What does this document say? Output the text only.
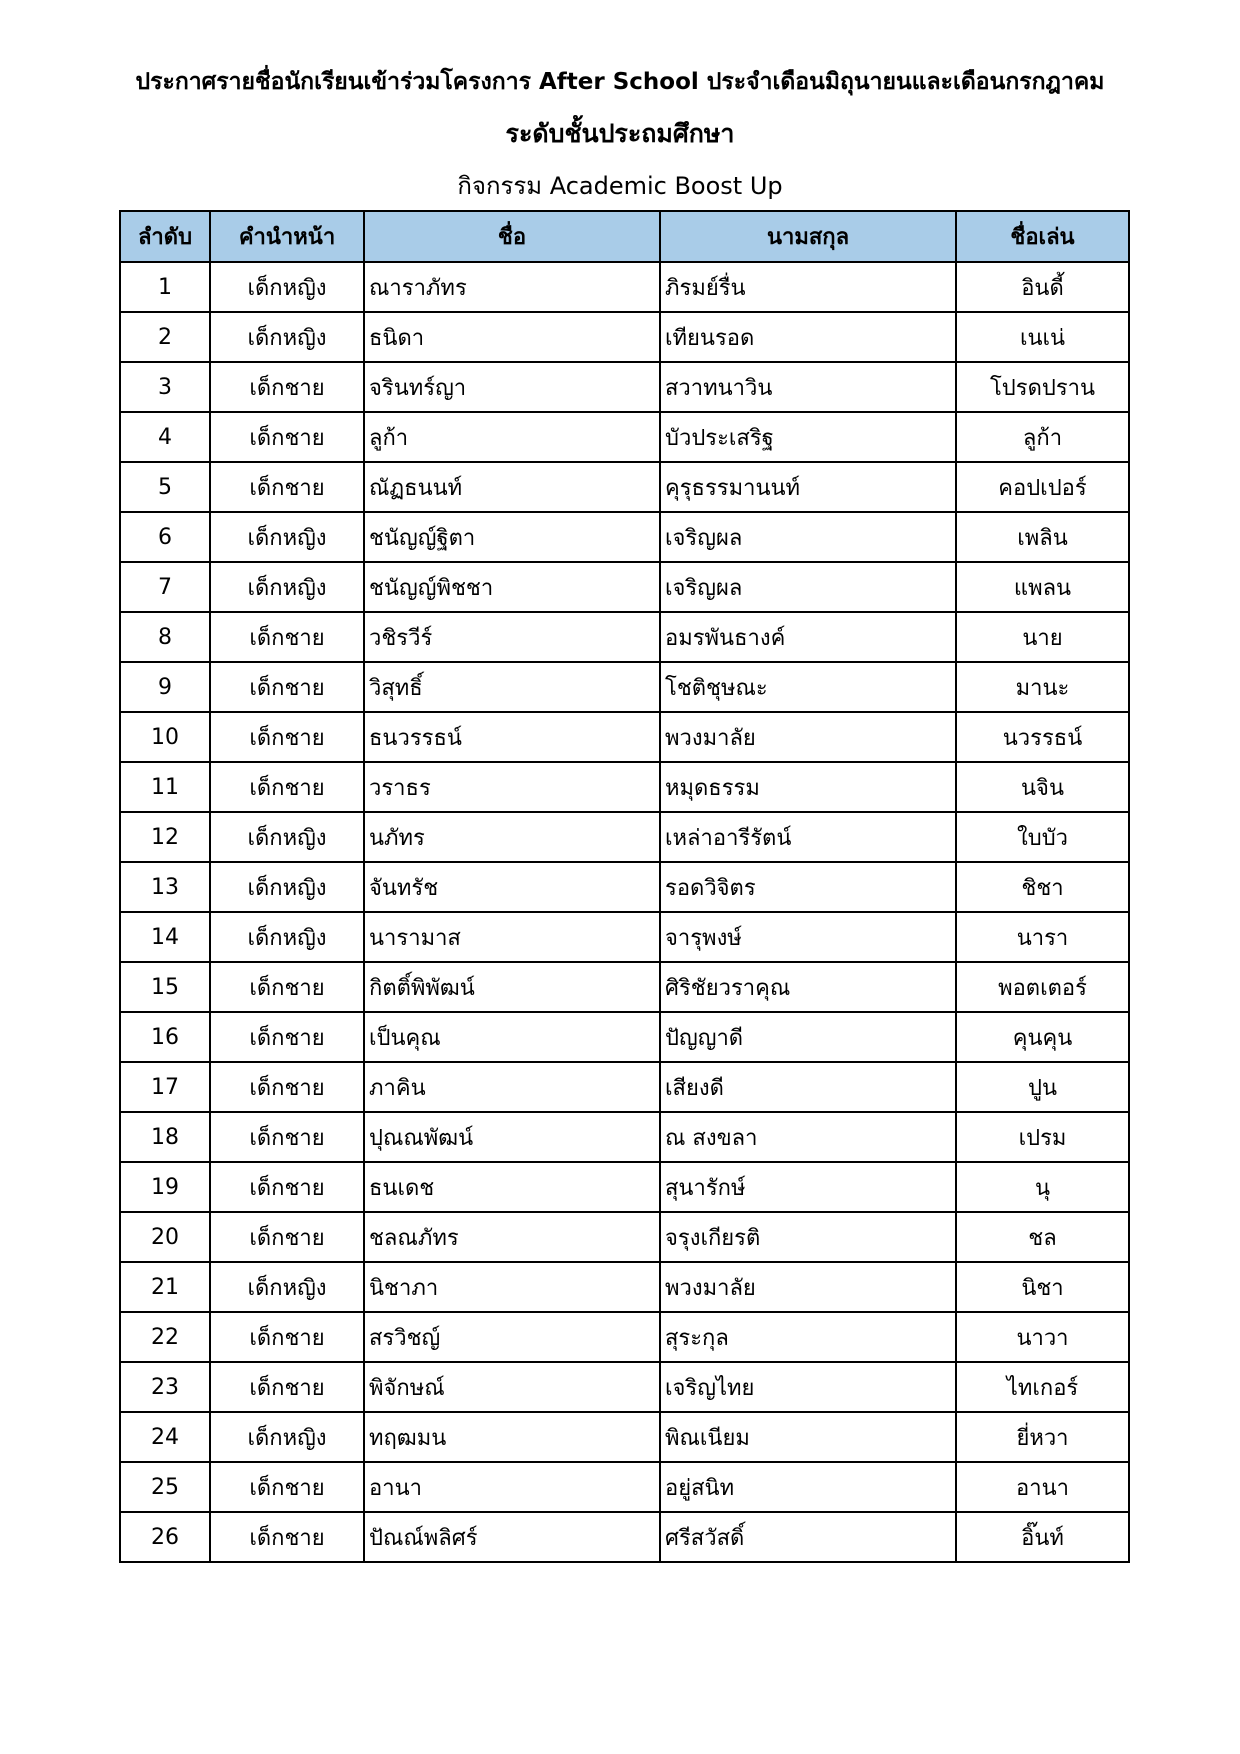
ประกาศรายชื่อนักเรียนเข้าร่วมโครงการ After School ประจำเดือนมิถุนายนและเดือนกรกฎาคม
ระดับชั้นประถมศึกษา
กิจกรรม Academic Boost Up
ลำดับ	คำนำหน้า	ชื่อ	นามสกุล	ชื่อเล่น
1	เด็กหญิง	ณาราภัทร	ภิรมย์รื่น	อินดี้
2	เด็กหญิง	ธนิดา	เทียนรอด	เนเน่
3	เด็กชาย	จรินทร์ญา	สวาทนาวิน	โปรดปราน
4	เด็กชาย	ลูก้า	บัวประเสริฐ	ลูก้า
5	เด็กชาย	ณัฏธนนท์	คุรุธรรมานนท์	คอปเปอร์
6	เด็กหญิง	ชนัญญ์ฐิตา	เจริญผล	เพลิน
7	เด็กหญิง	ชนัญญ์พิชชา	เจริญผล	แพลน
8	เด็กชาย	วชิรวีร์	อมรพันธางค์	นาย
9	เด็กชาย	วิสุทธิ์	โชติชุษณะ	มานะ
10	เด็กชาย	ธนวรรธน์	พวงมาลัย	นวรรธน์
11	เด็กชาย	วราธร	หมุดธรรม	นจิน
12	เด็กหญิง	นภัทร	เหล่าอารีรัตน์	ใบบัว
13	เด็กหญิง	จันทรัช	รอดวิจิตร	ชิชา
14	เด็กหญิง	นารามาส	จารุพงษ์	นารา
15	เด็กชาย	กิตติ์พิพัฒน์	ศิริชัยวราคุณ	พอตเตอร์
16	เด็กชาย	เป็นคุณ	ปัญญาดี	คุนคุน
17	เด็กชาย	ภาคิน	เสียงดี	ปูน
18	เด็กชาย	ปุณณพัฒน์	ณ สงขลา	เปรม
19	เด็กชาย	ธนเดช	สุนารักษ์	นุ
20	เด็กชาย	ชลณภัทร	จรุงเกียรติ	ชล
21	เด็กหญิง	นิชาภา	พวงมาลัย	นิชา
22	เด็กชาย	สรวิชญ์	สุระกุล	นาวา
23	เด็กชาย	พิจักษณ์	เจริญไทย	ไทเกอร์
24	เด็กหญิง	ทฤฒมน	พิณเนียม	ยี่หวา
25	เด็กชาย	อานา	อยู่สนิท	อานา
26	เด็กชาย	ปัณณ์พลิศร์	ศรีสวัสดิ์	อิ๊นท์
